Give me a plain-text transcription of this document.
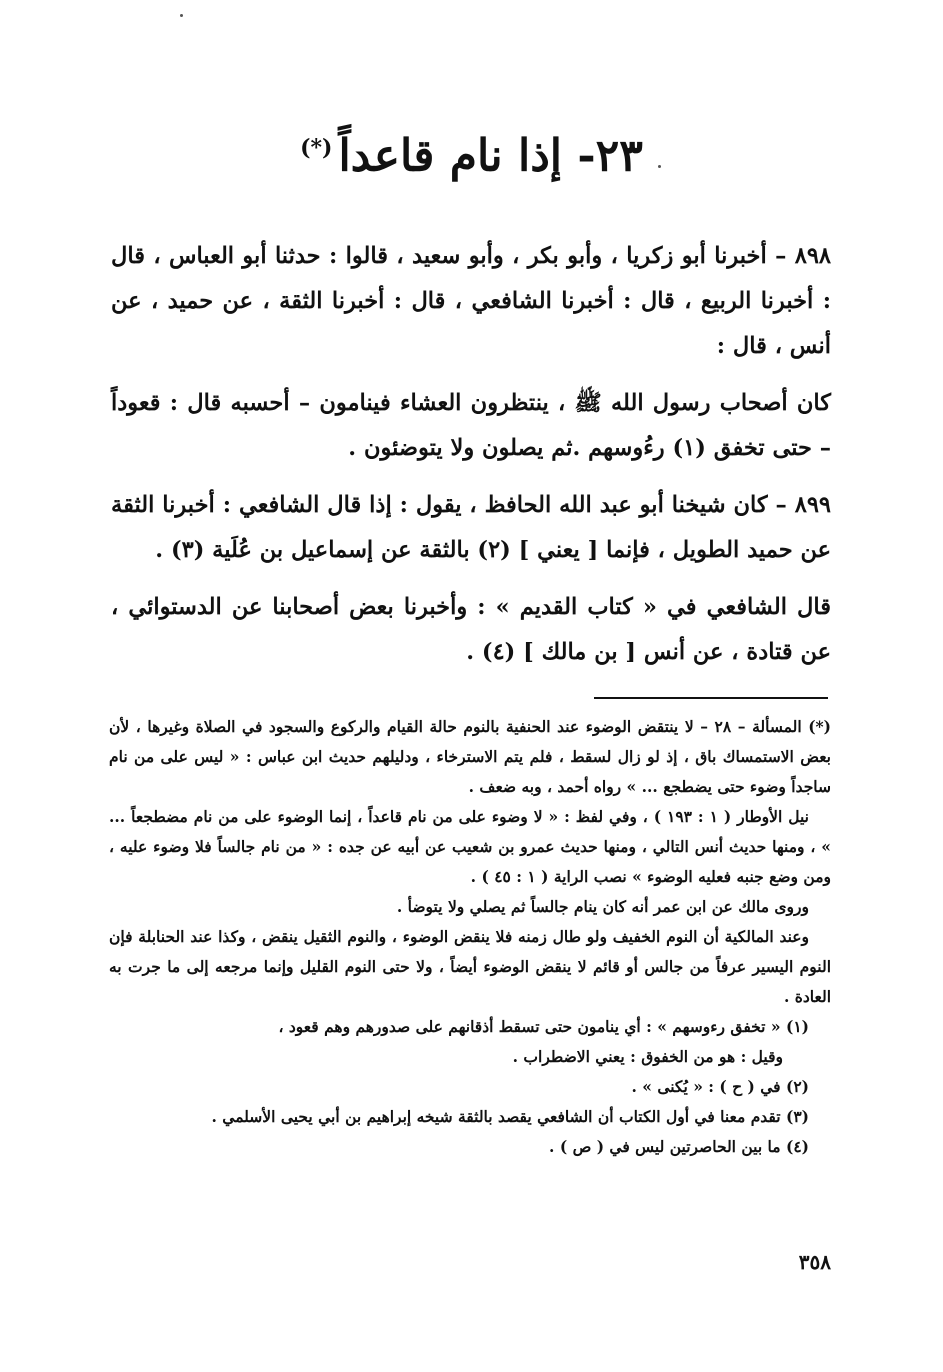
٢٣- إذا نام قاعداً(*)

٨٩٨ – أخبرنا أبو زكريا ، وأبو بكر ، وأبو سعيد ، قالوا : حدثنا أبو العباس ، قال : أخبرنا الربيع ، قال : أخبرنا الشافعي ، قال : أخبرنا الثقة ، عن حميد ، عن أنس ، قال :

كان أصحاب رسول الله ﷺ ، ينتظرون العشاء فينامون – أحسبه قال : قعوداً – حتى تخفق (١) رءُوسهم .ثم يصلون ولا يتوضئون .

٨٩٩ – كان شيخنا أبو عبد الله الحافظ ، يقول : إذا قال الشافعي : أخبرنا الثقة عن حميد الطويل ، فإنما [ يعني ] (٢) بالثقة عن إسماعيل بن عُلَية (٣) .

قال الشافعي في « كتاب القديم » : وأخبرنا بعض أصحابنا عن الدستوائي ، عن قتادة ، عن أنس [ بن مالك ] (٤) .

(*) المسألة – ٢٨ – لا ينتقض الوضوء عند الحنفية بالنوم حالة القيام والركوع والسجود في الصلاة وغيرها ، لأن بعض الاستمساك باق ، إذ لو زال لسقط ، فلم يتم الاسترخاء ، ودليلهم حديث ابن عباس : « ليس على من نام ساجداً وضوء حتى يضطجع ... » رواه أحمد ، وبه ضعف .

نيل الأوطار ( ١ : ١٩٣ ) ، وفي لفظ : « لا وضوء على من نام قاعداً ، إنما الوضوء على من نام مضطجعاً ... » ، ومنها حديث أنس التالي ، ومنها حديث عمرو بن شعيب عن أبيه عن جده : « من نام جالساً فلا وضوء عليه ، ومن وضع جنبه فعليه الوضوء » نصب الراية ( ١ : ٤٥ ) .

وروى مالك عن ابن عمر أنه كان ينام جالساً ثم يصلي ولا يتوضأ .

وعند المالكية أن النوم الخفيف ولو طال زمنه فلا ينقض الوضوء ، والنوم الثقيل ينقض ، وكذا عند الحنابلة فإن النوم اليسير عرفاً من جالس أو قائم لا ينقض الوضوء أيضاً ، ولا حتى النوم القليل وإنما مرجعه إلى ما جرت به العادة .

(١) « تخفق رءوسهم » : أي ينامون حتى تسقط أذقانهم على صدورهم وهم قعود ،

وقيل : هو من الخفوق : يعني الاضطراب .

(٢) في ( ح ) : « يُكنى » .

(٣) تقدم معنا في أول الكتاب أن الشافعي يقصد بالثقة شيخه إبراهيم بن أبي يحيى الأسلمي .

(٤) ما بين الحاصرتين ليس في ( ص ) .

٣٥٨
